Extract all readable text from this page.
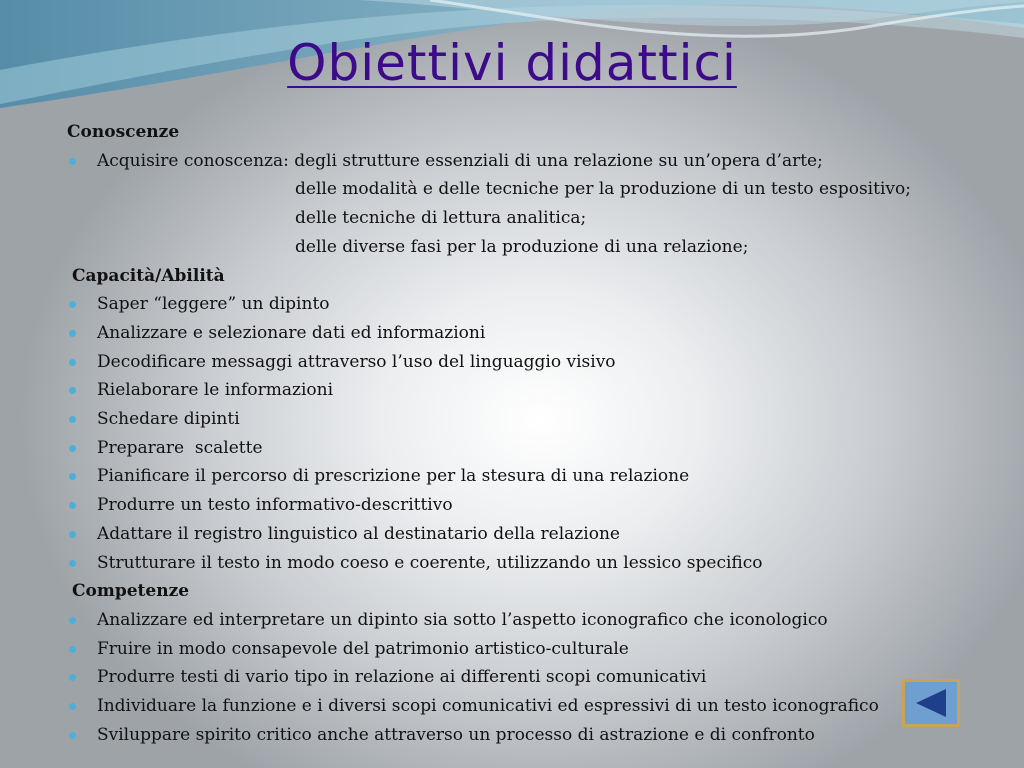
Obiettivi didattici
Conoscenze
Acquisire conoscenza: degli strutture essenziali di una relazione su un’opera d’arte;
delle modalità e delle tecniche per la produzione di un testo espositivo;
delle tecniche di lettura analitica;
delle diverse fasi per la produzione di una relazione;
Capacità/Abilità
Saper “leggere” un dipinto
Analizzare e selezionare dati ed informazioni
Decodificare messaggi attraverso l’uso del linguaggio visivo
Rielaborare le informazioni
Schedare dipinti
Preparare  scalette
Pianificare il percorso di prescrizione per la stesura di una relazione
Produrre un testo informativo-descrittivo
Adattare il registro linguistico al destinatario della relazione
Strutturare il testo in modo coeso e coerente, utilizzando un lessico specifico
Competenze
Analizzare ed interpretare un dipinto sia sotto l’aspetto iconografico che iconologico
Fruire in modo consapevole del patrimonio artistico-culturale
Produrre testi di vario tipo in relazione ai differenti scopi comunicativi
Individuare la funzione e i diversi scopi comunicativi ed espressivi di un testo iconografico
Sviluppare spirito critico anche attraverso un processo di astrazione e di confronto
